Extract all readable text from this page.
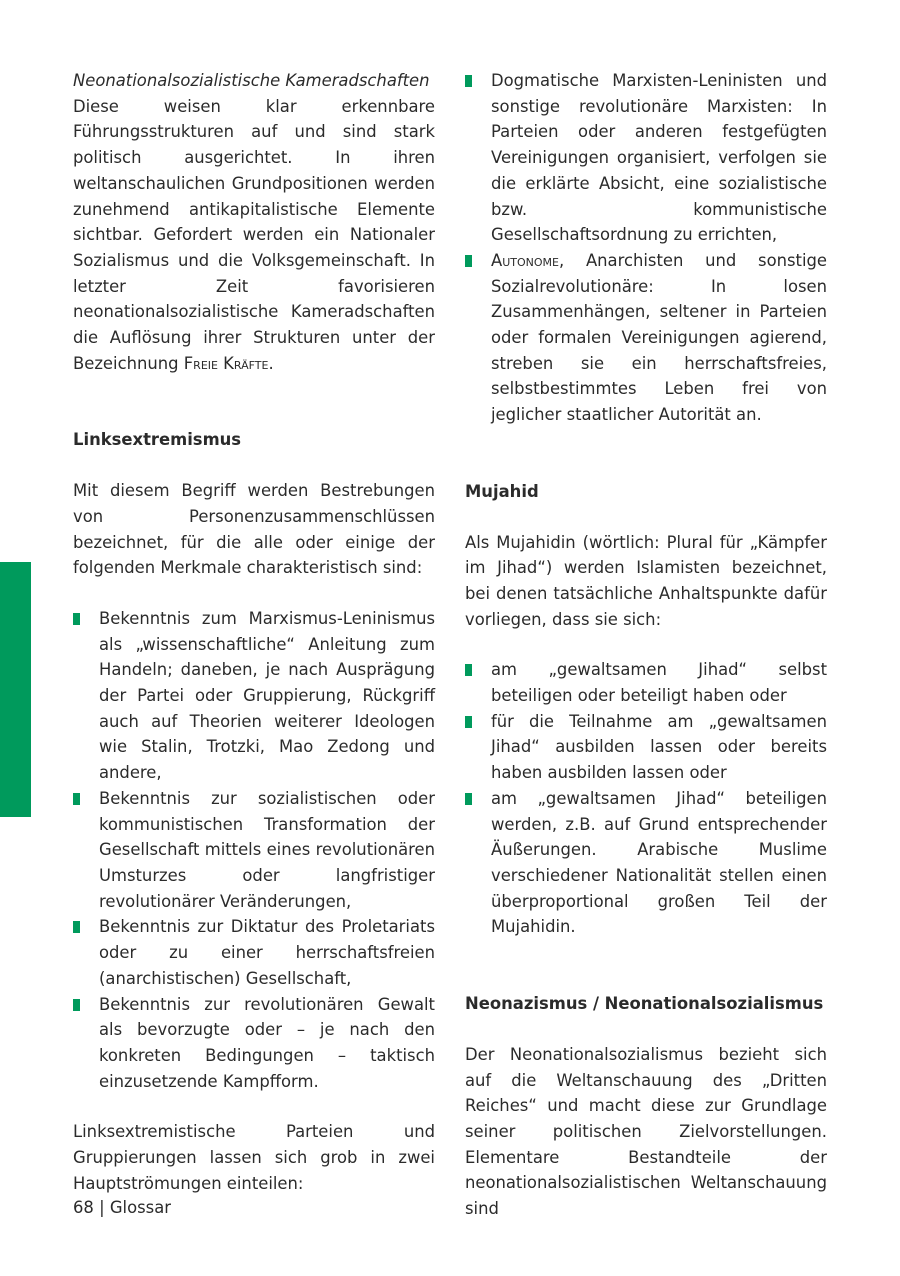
Neonationalsozialistische Kameradschaften

Diese weisen klar erkennbare Führungsstrukturen auf und sind stark politisch ausgerichtet. In ihren weltanschaulichen Grundpositionen werden zunehmend antikapitalistische Elemente sichtbar. Gefordert werden ein Nationaler Sozialismus und die Volksgemeinschaft. In letzter Zeit favorisieren neonationalsozialistische Kameradschaften die Auflösung ihrer Strukturen unter der Bezeichnung Freie Kräfte.

Linksextremismus

Mit diesem Begriff werden Bestrebungen von Personenzusammenschlüssen bezeichnet, für die alle oder einige der folgenden Merkmale charakteristisch sind:

Bekenntnis zum Marxismus-Leninismus als „wissenschaftliche“ Anleitung zum Handeln; daneben, je nach Ausprägung der Partei oder Gruppierung, Rückgriff auch auf Theorien weiterer Ideologen wie Stalin, Trotzki, Mao Zedong und andere,
Bekenntnis zur sozialistischen oder kommunistischen Transformation der Gesellschaft mittels eines revolutionären Umsturzes oder langfristiger revolutionärer Veränderungen,
Bekenntnis zur Diktatur des Proletariats oder zu einer herrschaftsfreien (anarchistischen) Gesellschaft,
Bekenntnis zur revolutionären Gewalt als bevorzugte oder – je nach den konkreten Bedingungen – taktisch einzusetzende Kampfform.

Linksextremistische Parteien und Gruppierungen lassen sich grob in zwei Hauptströmungen einteilen:

Dogmatische Marxisten-Leninisten und sonstige revolutionäre Marxisten: In Parteien oder anderen festgefügten Vereinigungen organisiert, verfolgen sie die erklärte Absicht, eine sozialistische bzw. kommunistische Gesellschaftsordnung zu errichten,
Autonome, Anarchisten und sonstige Sozialrevolutionäre: In losen Zusammenhängen, seltener in Parteien oder formalen Vereinigungen agierend, streben sie ein herrschaftsfreies, selbstbestimmtes Leben frei von jeglicher staatlicher Autorität an.
Mujahid

Als Mujahidin (wörtlich: Plural für „Kämpfer im Jihad“) werden Islamisten bezeichnet, bei denen tatsächliche Anhaltspunkte dafür vorliegen, dass sie sich:

am „gewaltsamen Jihad“ selbst beteiligen oder beteiligt haben oder
für die Teilnahme am „gewaltsamen Jihad“ ausbilden lassen oder bereits haben ausbilden lassen oder
am „gewaltsamen Jihad“ beteiligen werden, z.B. auf Grund entsprechender Äußerungen. Arabische Muslime verschiedener Nationalität stellen einen überproportional großen Teil der Mujahidin.
Neonazismus / Neonationalsozialismus

Der Neonationalsozialismus bezieht sich auf die Weltanschauung des „Dritten Reiches“ und macht diese zur Grundlage seiner politischen Zielvorstellungen. Elementare Bestandteile der neonationalsozialistischen Weltanschauung sind

68 | Glossar
